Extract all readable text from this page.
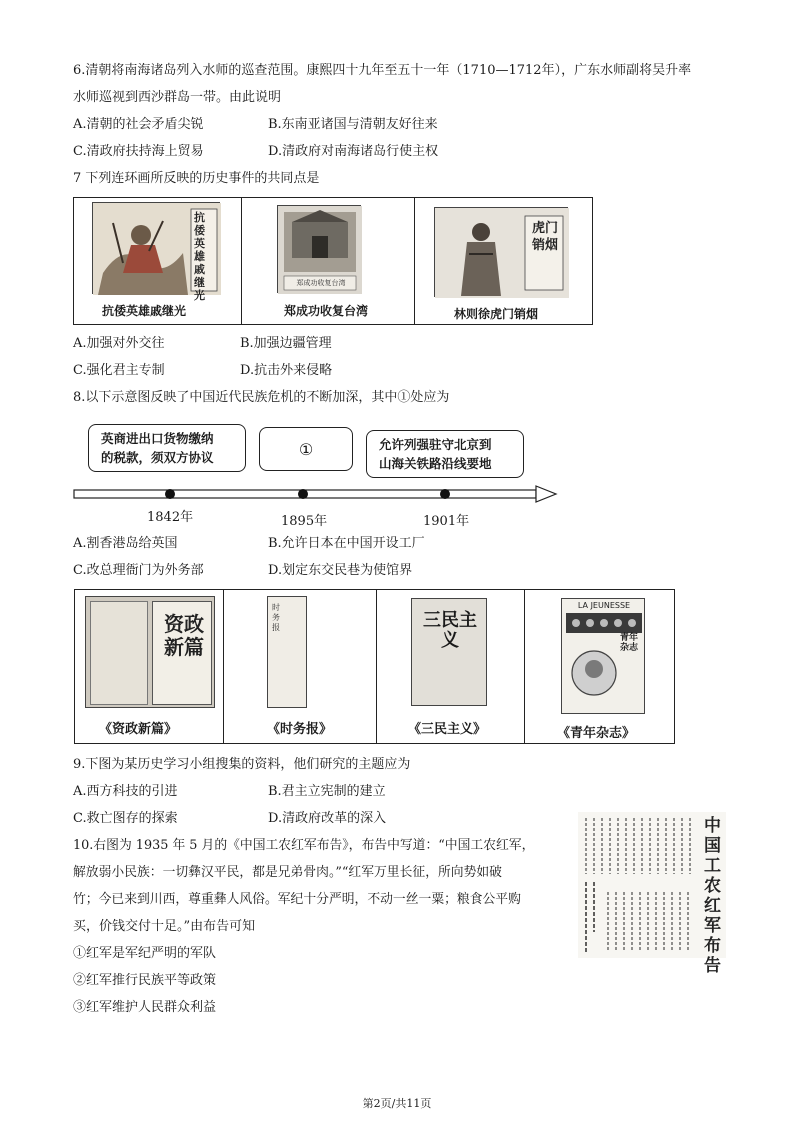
6.清朝将南海诸岛列入水师的巡查范围。康熙四十九年至五十一年（1710—1712年），广东水师副将吴升率
水师巡视到西沙群岛一带。由此说明
A.清朝的社会矛盾尖锐	B.东南亚诸国与清朝友好往来
C.清政府扶持海上贸易	D.清政府对南海诸岛行使主权
7 下列连环画所反映的历史事件的共同点是
抗倭英雄戚继光
抗倭英雄戚继光
郑成功收复台湾
郑成功收复台湾
虎门销烟
林则徐虎门销烟
A.加强对外交往	B.加强边疆管理
C.强化君主专制	D.抗击外来侵略
8.以下示意图反映了中国近代民族危机的不断加深，其中①处应为
英商进出口货物缴纳
的税款，须双方协议	①	允许列强驻守北京到
山海关铁路沿线要地
1842年	1895年	1901年
A.割香港岛给英国	B.允许日本在中国开设工厂
C.改总理衙门为外务部	D.划定东交民巷为使馆界
资政新篇
《资政新篇》
时务报
《时务报》
三民主义
《三民主义》
LA JEUNESSE
青年杂志
《青年杂志》
9.下图为某历史学习小组搜集的资料，他们研究的主题应为
A.西方科技的引进	B.君主立宪制的建立
C.救亡图存的探索	D.清政府改革的深入
10.右图为 1935 年 5 月的《中国工农红军布告》，布告中写道：“中国工农红军，
解放弱小民族：一切彝汉平民，都是兄弟骨肉。”“红军万里长征，所向势如破
竹；今已来到川西，尊重彝人风俗。军纪十分严明，不动一丝一粟；粮食公平购
买，价钱交付十足。”由布告可知
①红军是军纪严明的军队
②红军推行民族平等政策
③红军维护人民群众利益
中国工农红军布告
第2页/共11页
